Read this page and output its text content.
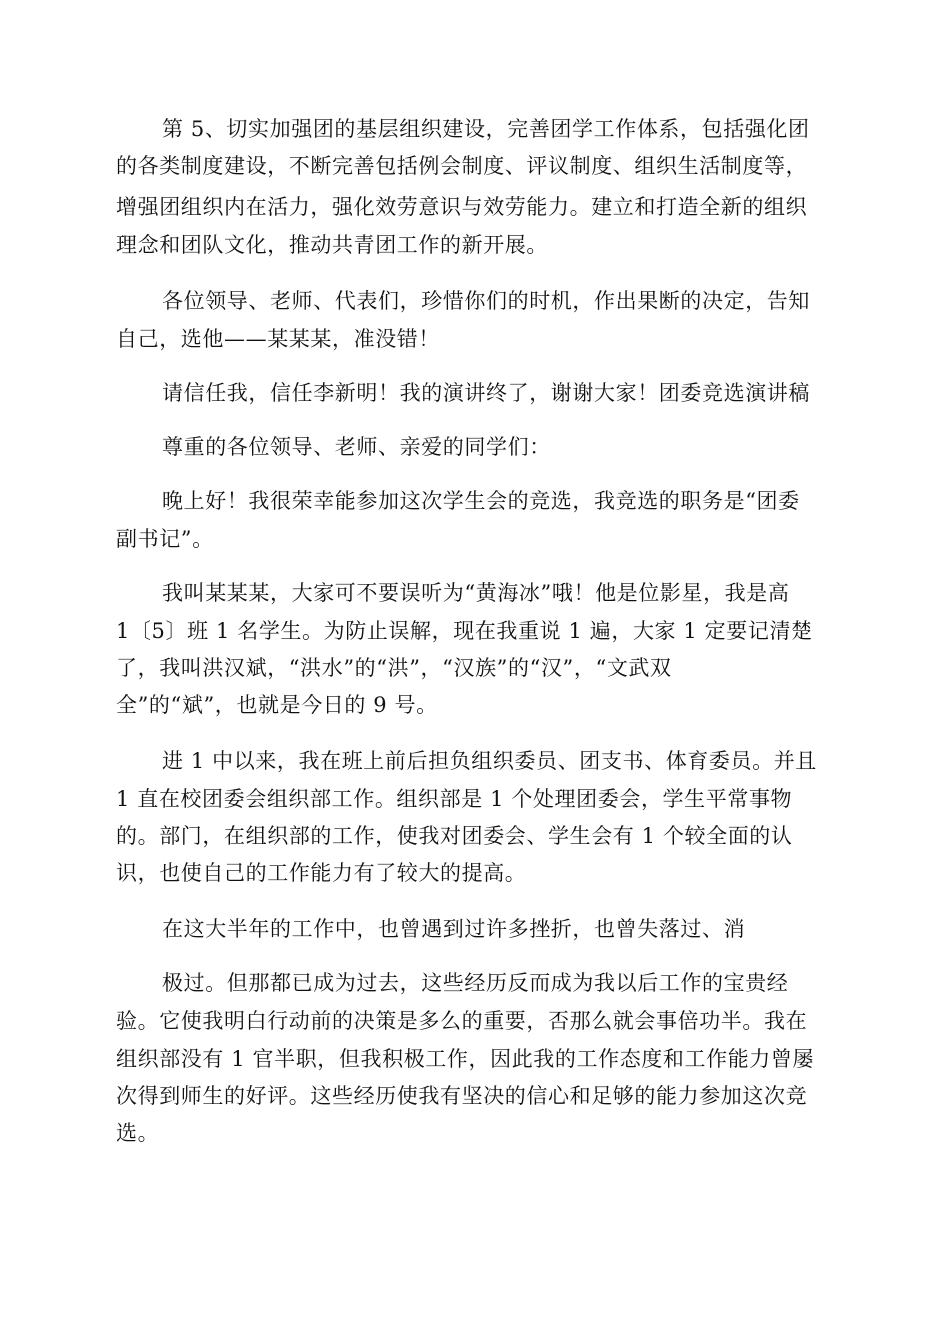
第 5、切实加强团的基层组织建设，完善团学工作体系，包括强化团

的各类制度建设，不断完善包括例会制度、评议制度、组织生活制度等，

增强团组织内在活力，强化效劳意识与效劳能力。建立和打造全新的组织

理念和团队文化，推动共青团工作的新开展。

各位领导、老师、代表们，珍惜你们的时机，作出果断的决定，告知

自己，选他——某某某，准没错！

请信任我，信任李新明！我的演讲终了，谢谢大家！团委竞选演讲稿

尊重的各位领导、老师、亲爱的同学们：

晚上好！我很荣幸能参加这次学生会的竞选，我竞选的职务是“团委

副书记”。

我叫某某某，大家可不要误听为“黄海冰”哦！他是位影星，我是高

1〔5〕班 1 名学生。为防止误解，现在我重说 1 遍，大家 1 定要记清楚

了，我叫洪汉斌，“洪水”的“洪”，“汉族”的“汉”，“文武双

全”的“斌”，也就是今日的 9 号。

进 1 中以来，我在班上前后担负组织委员、团支书、体育委员。并且

1 直在校团委会组织部工作。组织部是 1 个处理团委会，学生平常事物

的。部门，在组织部的工作，使我对团委会、学生会有 1 个较全面的认

识，也使自己的工作能力有了较大的提高。

在这大半年的工作中，也曾遇到过许多挫折，也曾失落过、消

极过。但那都已成为过去，这些经历反而成为我以后工作的宝贵经

验。它使我明白行动前的决策是多么的重要，否那么就会事倍功半。我在

组织部没有 1 官半职，但我积极工作，因此我的工作态度和工作能力曾屡

次得到师生的好评。这些经历使我有坚决的信心和足够的能力参加这次竞

选。
